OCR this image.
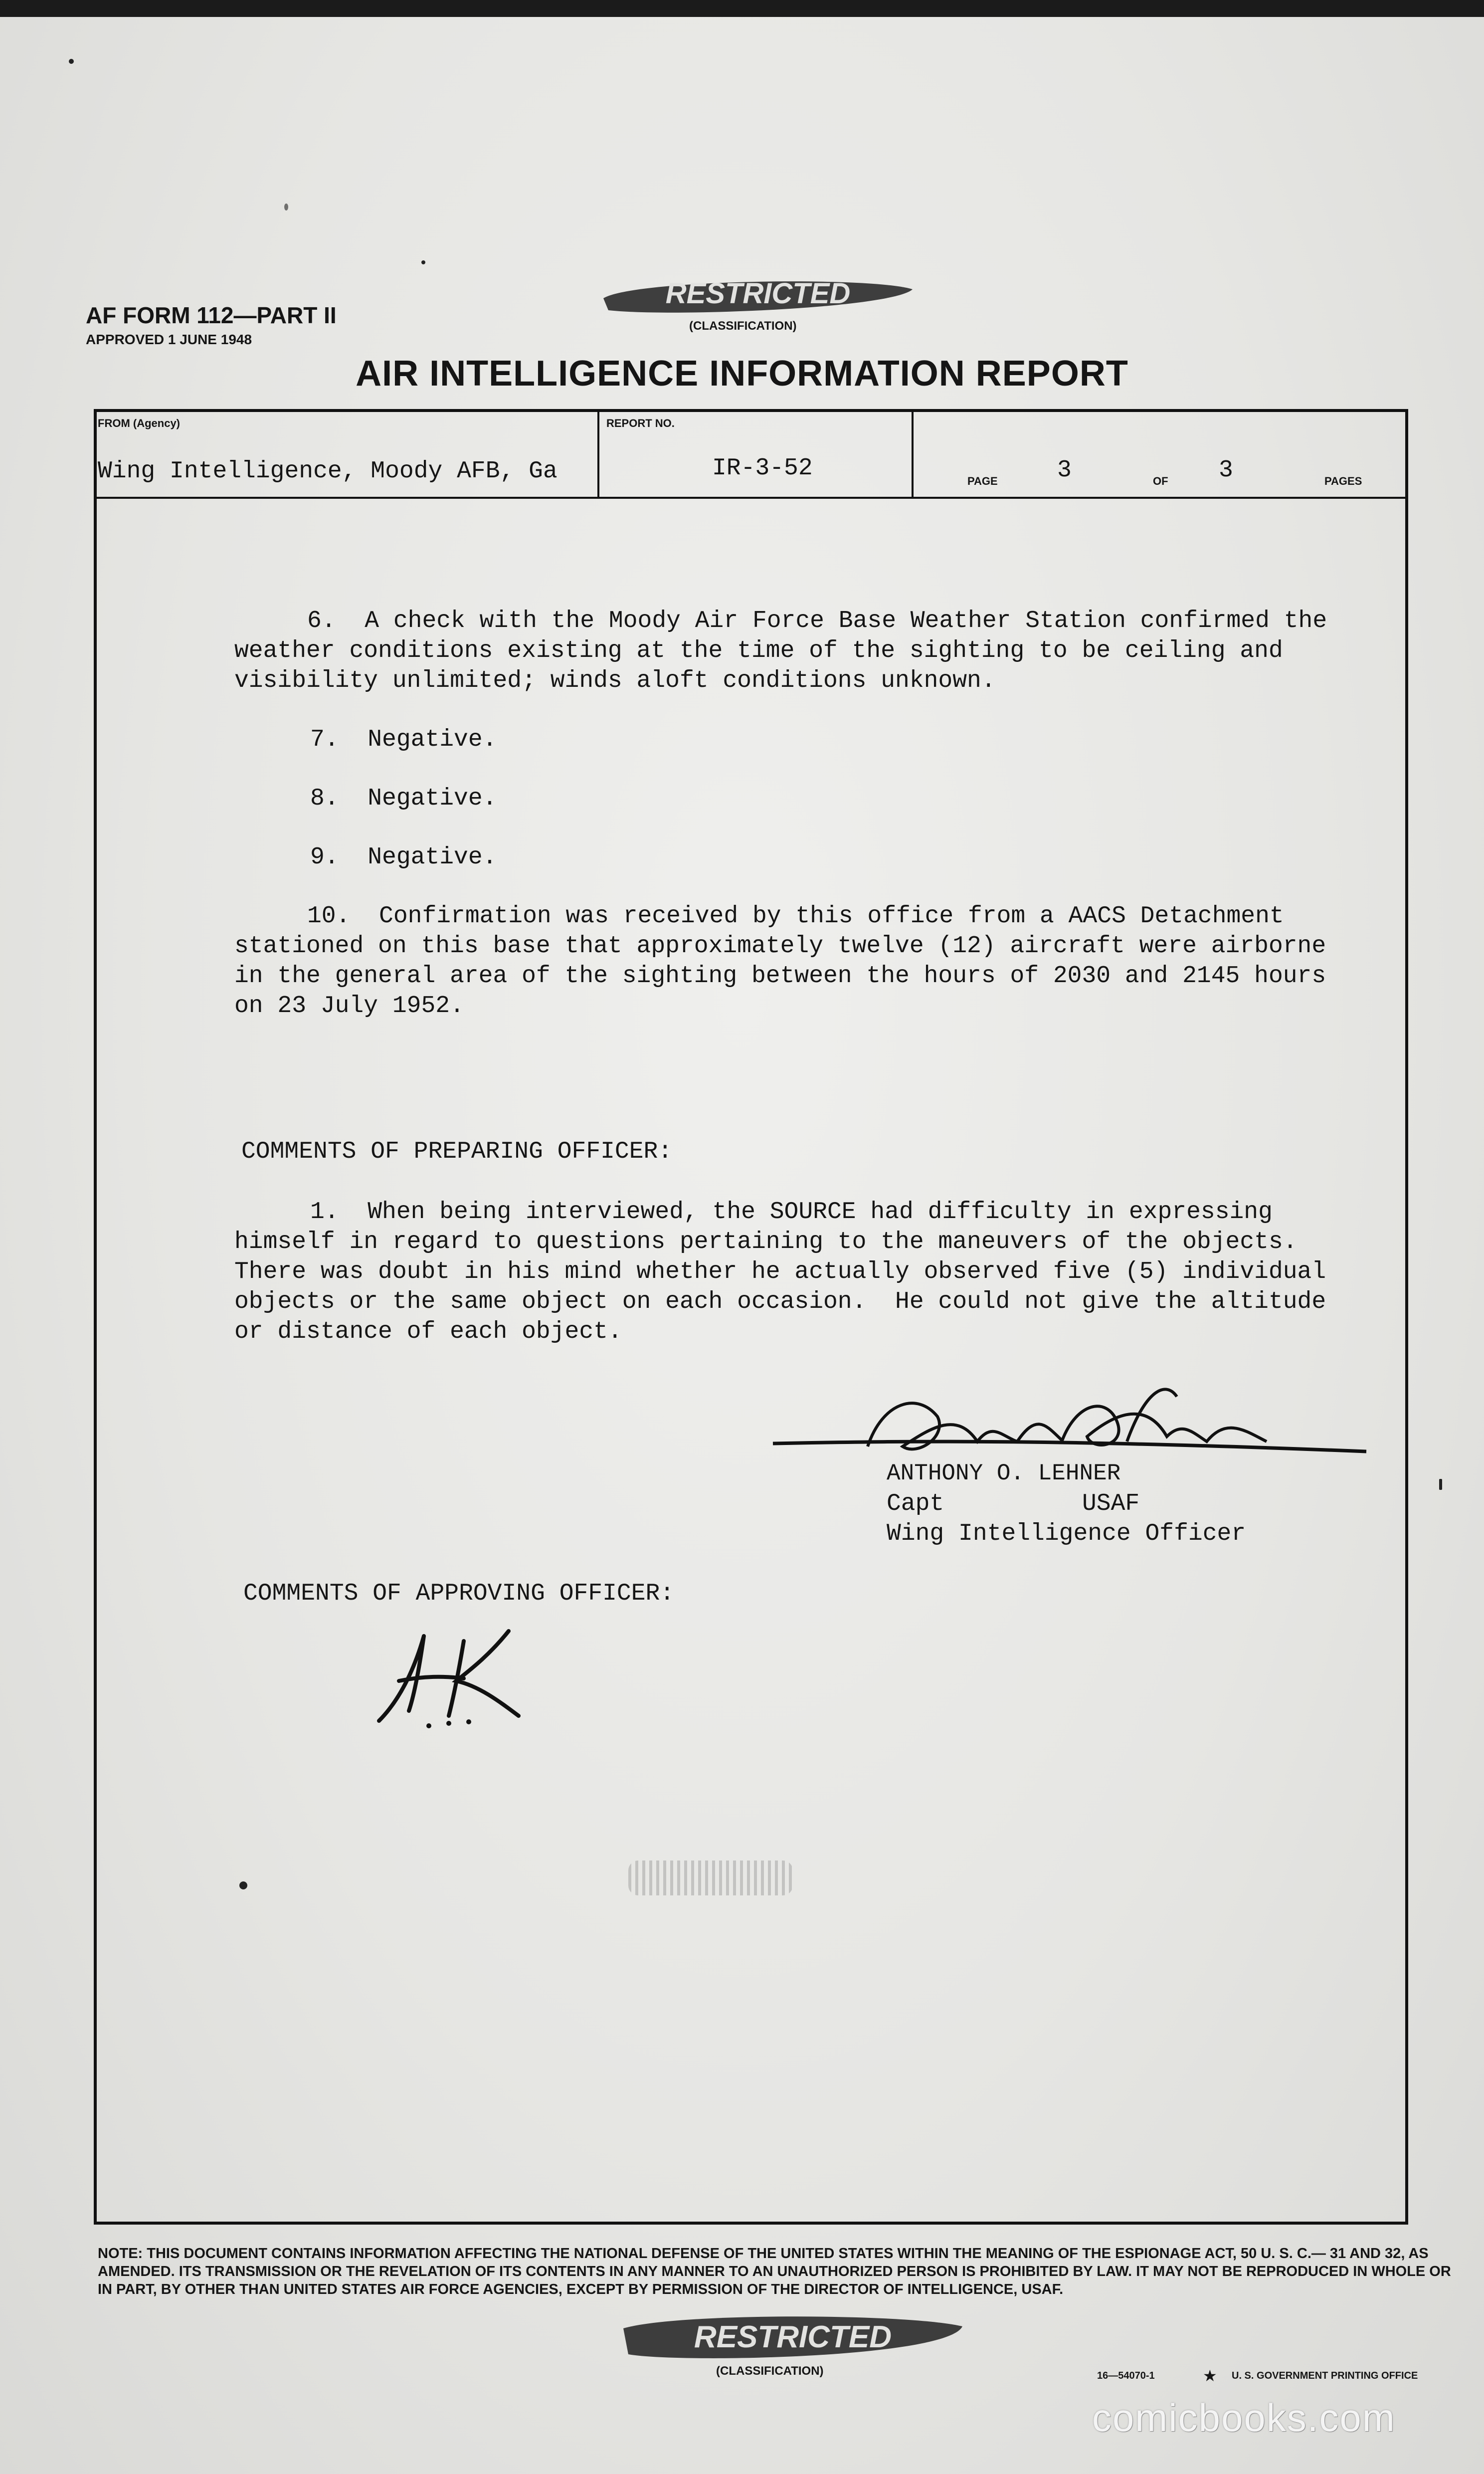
AF FORM 112—PART II
APPROVED 1 JUNE 1948
RESTRICTED
(CLASSIFICATION)
AIR INTELLIGENCE INFORMATION REPORT
FROM (Agency)
Wing Intelligence, Moody AFB, Ga
REPORT NO.
IR-3-52	PAGE 3	OF 3	PAGES

6.  A check with the Moody Air Force Base Weather Station confirmed the
weather conditions existing at the time of the sighting to be ceiling and
visibility unlimited; winds aloft conditions unknown.

7.  Negative.

8.  Negative.

9.  Negative.

10.  Confirmation was received by this office from a AACS Detachment
stationed on this base that approximately twelve (12) aircraft were airborne
in the general area of the sighting between the hours of 2030 and 2145 hours
on 23 July 1952.

COMMENTS OF PREPARING OFFICER:

1.  When being interviewed, the SOURCE had difficulty in expressing
himself in regard to questions pertaining to the maneuvers of the objects.
There was doubt in his mind whether he actually observed five (5) individual
objects or the same object on each occasion.  He could not give the altitude
or distance of each object.

ANTHONY O. LEHNER
Capt	USAF
Wing Intelligence Officer
COMMENTS OF APPROVING OFFICER:
NOTE: THIS DOCUMENT CONTAINS INFORMATION AFFECTING THE NATIONAL DEFENSE OF THE UNITED STATES WITHIN THE MEANING OF THE ESPIONAGE ACT, 50 U. S. C.— 31 AND 32, AS AMENDED. ITS TRANSMISSION OR THE REVELATION OF ITS CONTENTS IN ANY MANNER TO AN UNAUTHORIZED PERSON IS PROHIBITED BY LAW. IT MAY NOT BE REPRODUCED IN WHOLE OR IN PART, BY OTHER THAN UNITED STATES AIR FORCE AGENCIES, EXCEPT BY PERMISSION OF THE DIRECTOR OF INTELLIGENCE, USAF.
RESTRICTED
(CLASSIFICATION)	16—54070-1	★ U. S. GOVERNMENT PRINTING OFFICE
comicbooks.com
